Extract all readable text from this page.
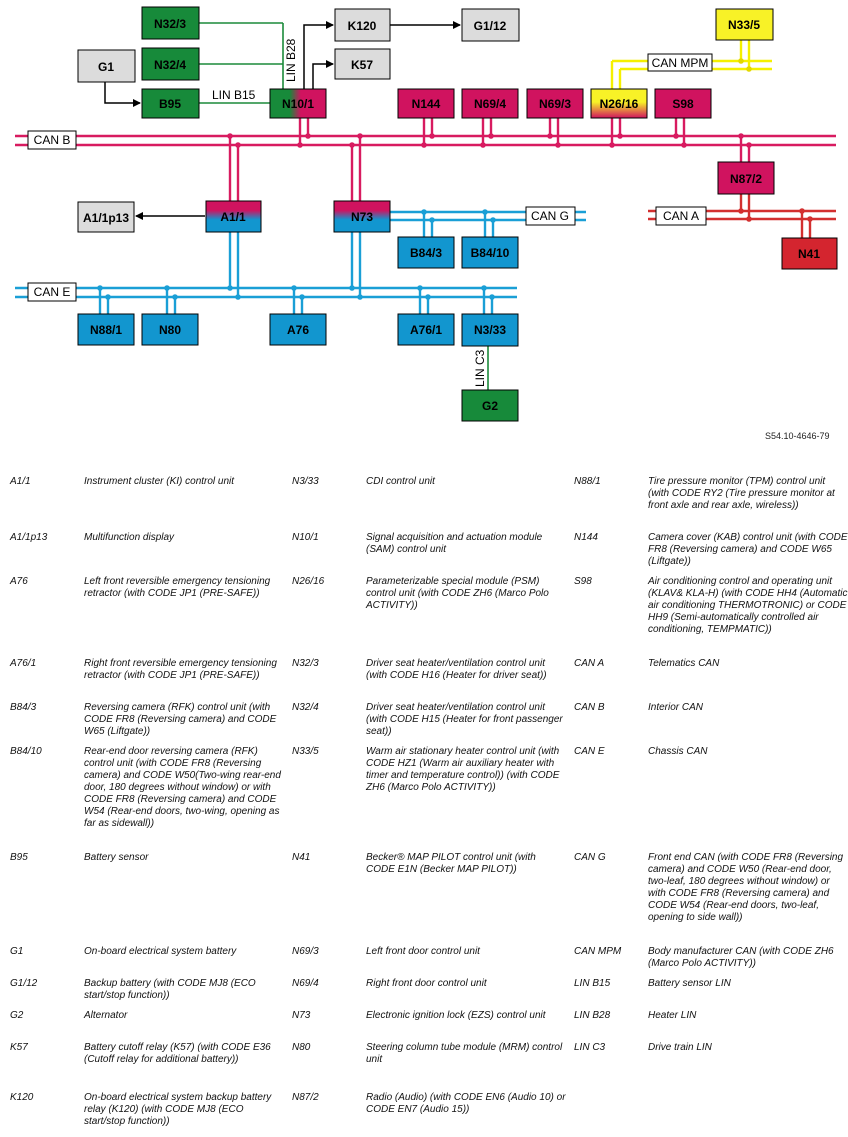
CAN B
CAN E
CAN G	CAN A
CAN MPM
LIN B15
LIN B28
LIN C3
N32/3
N32/4
G1
B95
K120	G1/12
K57
N33/5
N10/1	N144	N69/4	N69/3 N26/16	S98
N87/2
N41
A1/1
A1/1p13	N73
B84/3 B84/10
N88/1	N80	A76	A76/1	N3/33
G2
S54.10-4646-79
A1/1	Instrument cluster (KI) control unit
A1/1p13	Multifunction display
A76	Left front reversible emergency tensioning retractor (with CODE JP1 (PRE-SAFE))
A76/1	Right front reversible emergency tensioning retractor (with CODE JP1 (PRE-SAFE))
B84/3	Reversing camera (RFK) control unit (with CODE FR8 (Reversing camera) and CODE W65 (Liftgate))
B84/10	Rear-end door reversing camera (RFK) control unit (with CODE FR8 (Reversing camera) and CODE W50(Two-wing rear-end door, 180 degrees without window) or with CODE FR8 (Reversing camera) and CODE W54 (Rear-end doors, two-wing, opening as far as sidewall))
B95	Battery sensor
G1	On-board electrical system battery
G1/12	Backup battery (with CODE MJ8 (ECO start/stop function))
G2	Alternator
K57	Battery cutoff relay (K57) (with CODE E36 (Cutoff relay for additional battery))
K120	On-board electrical system backup battery relay (K120) (with CODE MJ8 (ECO start/stop function))
N3/33	CDI control unit
N10/1	Signal acquisition and actuation module (SAM) control unit
N26/16	Parameterizable special module (PSM) control unit (with CODE ZH6 (Marco Polo ACTIVITY))
N32/3	Driver seat heater/ventilation control unit (with CODE H16 (Heater for driver seat))
N32/4	Driver seat heater/ventilation control unit (with CODE H15 (Heater for front passenger seat))
N33/5	Warm air stationary heater control unit (with CODE HZ1 (Warm air auxiliary heater with timer and temperature control)) (with CODE ZH6 (Marco Polo ACTIVITY))
N41	Becker® MAP PILOT control unit (with CODE E1N (Becker MAP PILOT))
N69/3	Left front door control unit
N69/4	Right front door control unit
N73	Electronic ignition lock (EZS) control unit
N80	Steering column tube module (MRM) control unit
N87/2	Radio (Audio) (with CODE EN6 (Audio 10) or CODE EN7 (Audio 15))
N88/1	Tire pressure monitor (TPM) control unit (with CODE RY2 (Tire pressure monitor at front axle and rear axle, wireless))
N144	Camera cover (KAB) control unit (with CODE FR8 (Reversing camera) and CODE W65 (Liftgate))
S98	Air conditioning control and operating unit (KLAV& KLA-H) (with CODE HH4 (Automatic air conditioning THERMOTRONIC) or CODE HH9 (Semi-automatically controlled air conditioning, TEMPMATIC))
CAN A	Telematics CAN
CAN B	Interior CAN
CAN E	Chassis CAN
CAN G	Front end CAN (with CODE FR8 (Reversing camera) and CODE W50 (Rear-end door, two-leaf, 180 degrees without window) or with CODE FR8 (Reversing camera) and CODE W54 (Rear-end doors, two-leaf, opening to side wall))
CAN MPM	Body manufacturer CAN (with CODE ZH6 (Marco Polo ACTIVITY))
LIN B15	Battery sensor LIN
LIN B28	Heater LIN
LIN C3	Drive train LIN
